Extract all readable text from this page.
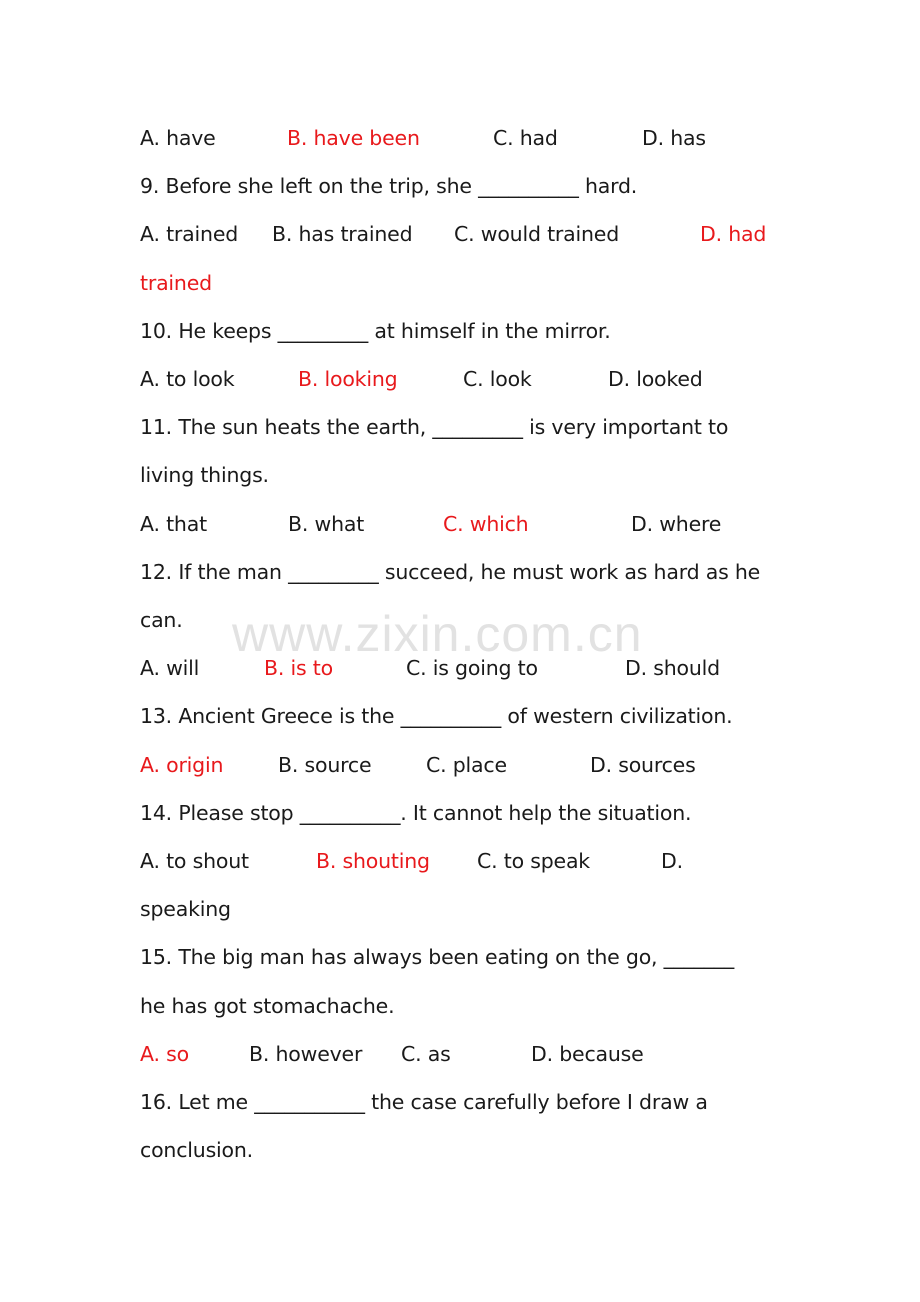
A. have	B. have been	C. had	D. has
9. Before she left on the trip, she __________ hard.
A. trained B. has trained C. would trained	D. had
trained
10. He keeps _________ at himself in the mirror.
A. to look	B. looking	C. look	D. looked
11. The sun heats the earth, _________ is very important to
living things.
A. that	B. what	C. which	D. where
12. If the man _________ succeed, he must work as hard as he
can.
A. will	B. is to	C. is going to	D. should
13. Ancient Greece is the __________ of western civilization.
A. origin	B. source	C. place	D. sources
14. Please stop __________. It cannot help the situation.
A. to shout	B. shouting C. to speak	D.
speaking
15. The big man has always been eating on the go, _______
he has got stomachache.
A. so	B. however C. as	D. because
16. Let me ___________ the case carefully before I draw a
conclusion.
www.zixin.com.cn
